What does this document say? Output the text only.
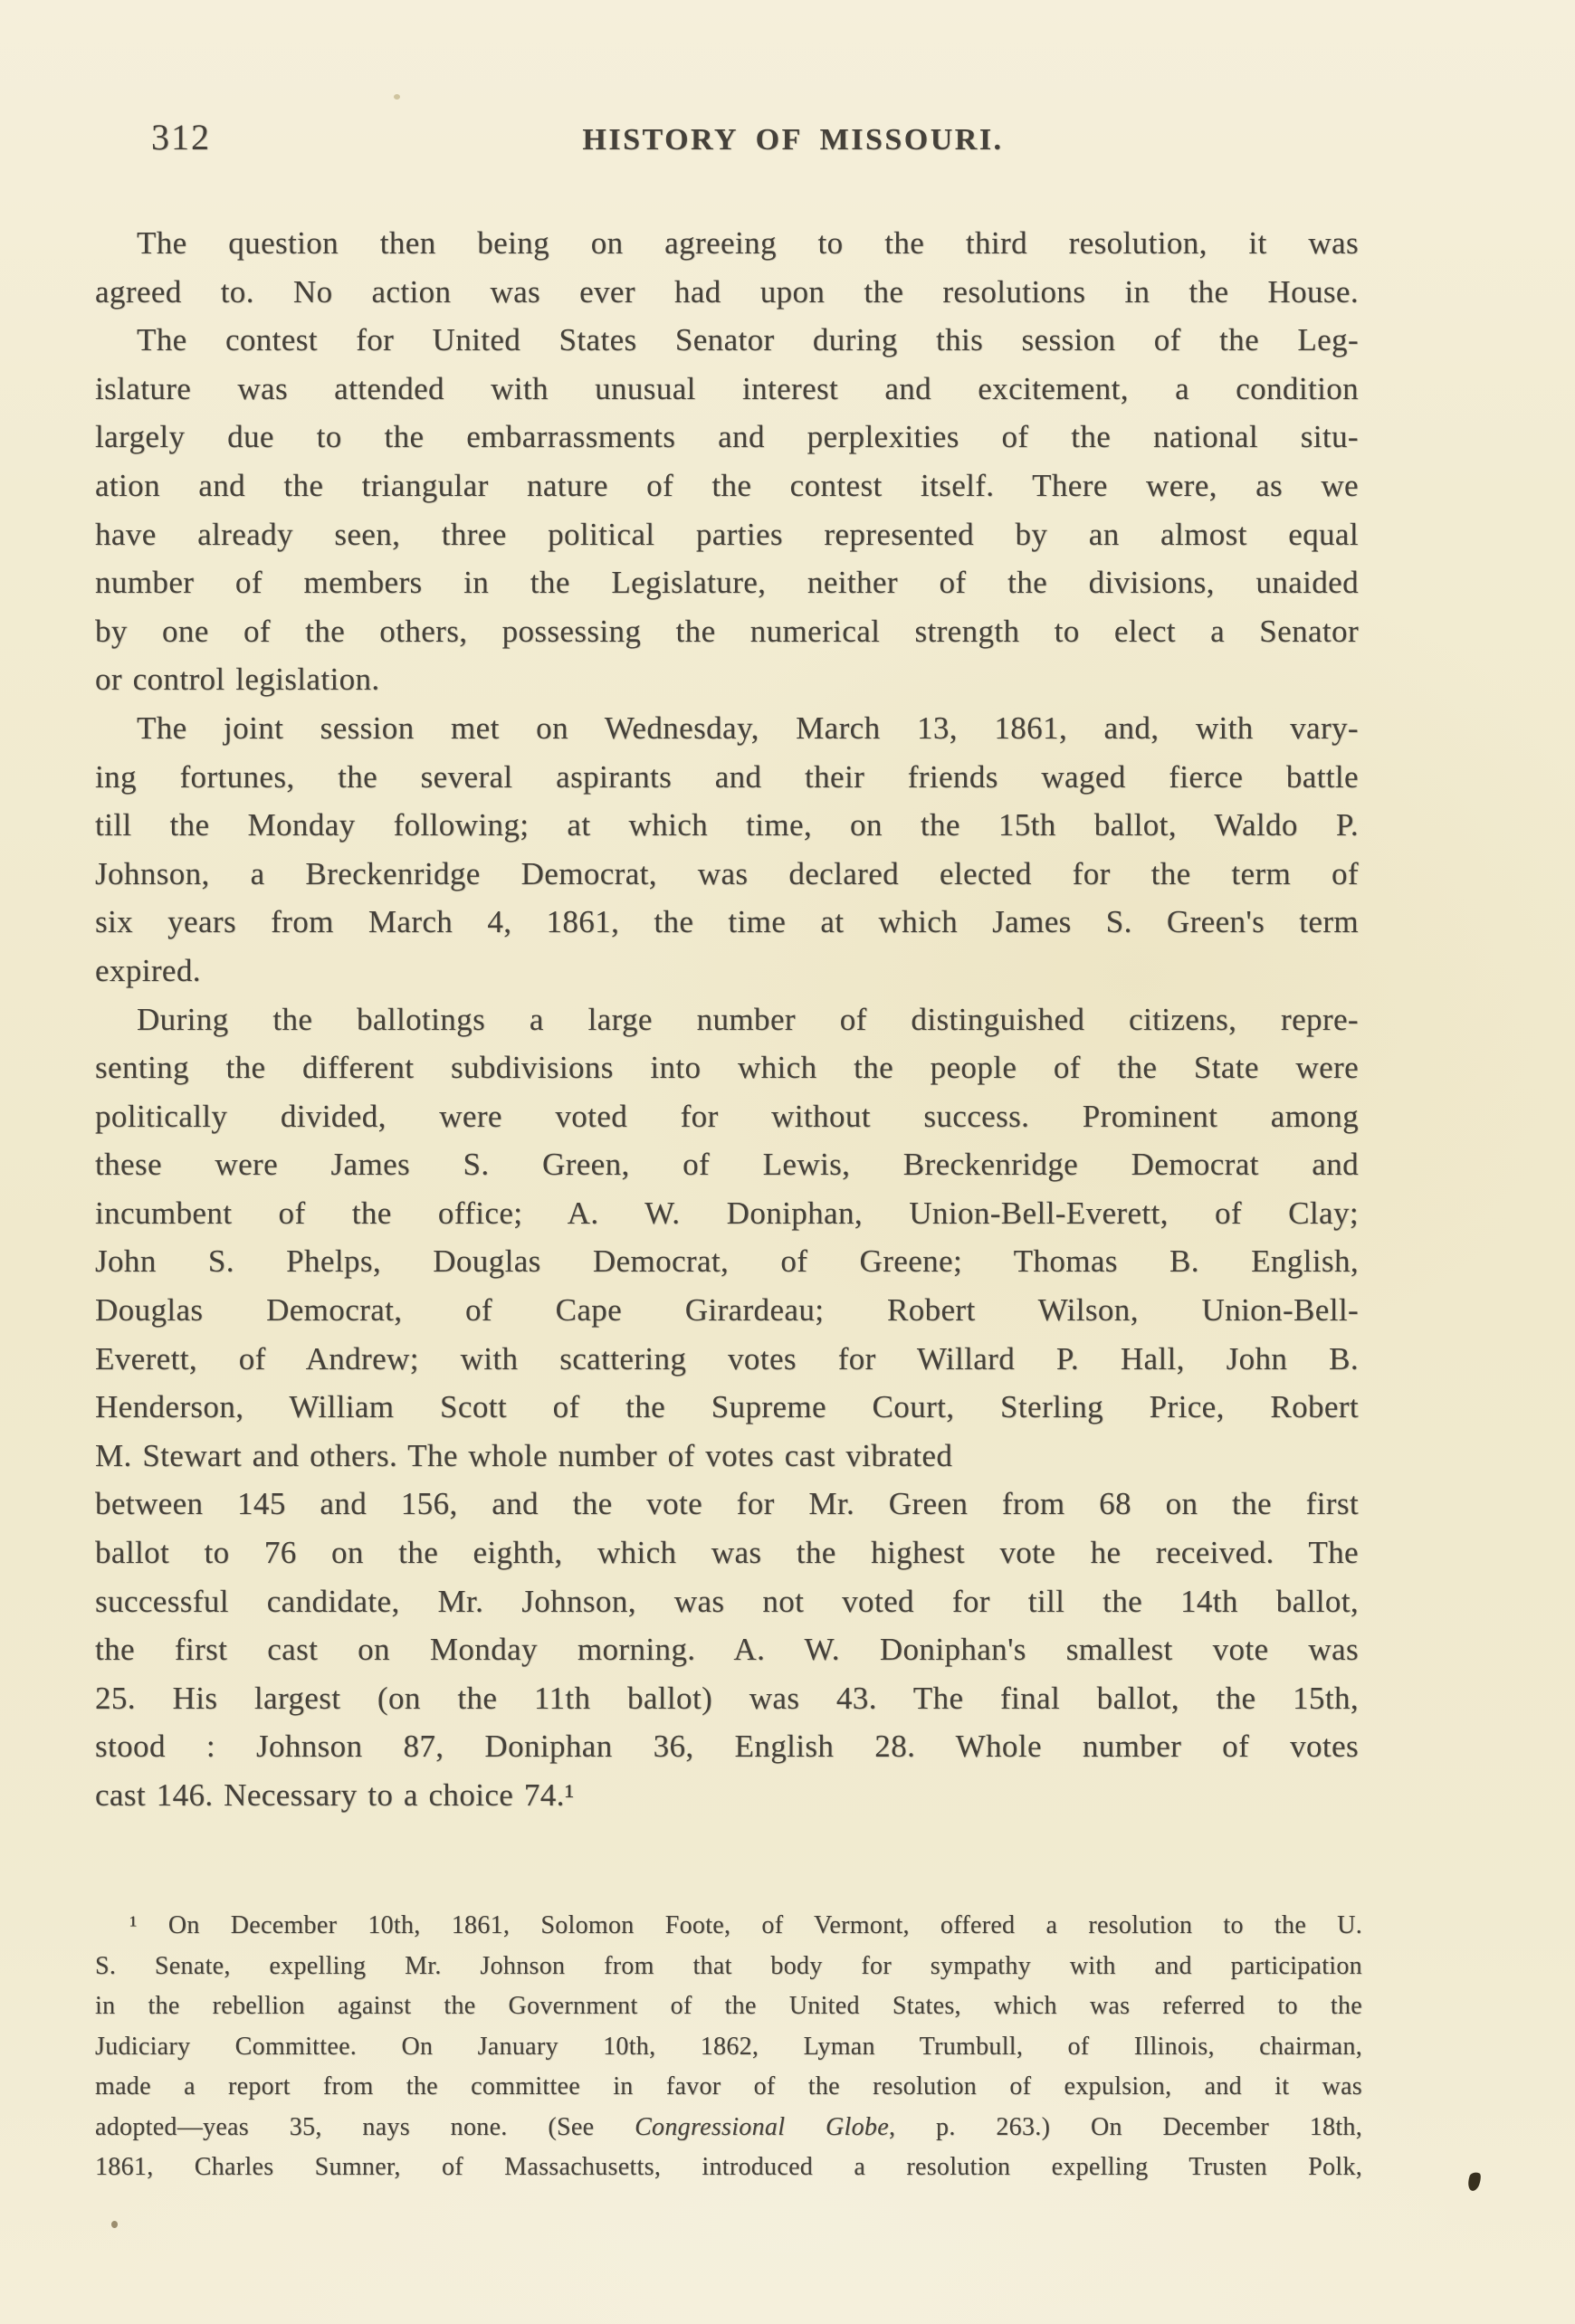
312	HISTORY OF MISSOURI.
The question then being on agreeing to the third resolution, it was
agreed to. No action was ever had upon the resolutions in the House.
The contest for United States Senator during this session of the Leg-
islature was attended with unusual interest and excitement, a condition
largely due to the embarrassments and perplexities of the national situ-
ation and the triangular nature of the contest itself. There were, as we
have already seen, three political parties represented by an almost equal
number of members in the Legislature, neither of the divisions, unaided
by one of the others, possessing the numerical strength to elect a Senator
or control legislation.
The joint session met on Wednesday, March 13, 1861, and, with vary-
ing fortunes, the several aspirants and their friends waged fierce battle
till the Monday following; at which time, on the 15th ballot, Waldo P.
Johnson, a Breckenridge Democrat, was declared elected for the term of
six years from March 4, 1861, the time at which James S. Green's term
expired.
During the ballotings a large number of distinguished citizens, repre-
senting the different subdivisions into which the people of the State were
politically divided, were voted for without success. Prominent among
these were James S. Green, of Lewis, Breckenridge Democrat and
incumbent of the office; A. W. Doniphan, Union-Bell-Everett, of Clay;
John S. Phelps, Douglas Democrat, of Greene; Thomas B. English,
Douglas Democrat, of Cape Girardeau; Robert Wilson, Union-Bell-
Everett, of Andrew; with scattering votes for Willard P. Hall, John B.
Henderson, William Scott of the Supreme Court, Sterling Price, Robert
M. Stewart and others. The whole number of votes cast vibrated
between 145 and 156, and the vote for Mr. Green from 68 on the first
ballot to 76 on the eighth, which was the highest vote he received. The
successful candidate, Mr. Johnson, was not voted for till the 14th ballot,
the first cast on Monday morning. A. W. Doniphan's smallest vote was
25. His largest (on the 11th ballot) was 43. The final ballot, the 15th,
stood : Johnson 87, Doniphan 36, English 28. Whole number of votes
cast 146. Necessary to a choice 74.¹
¹ On December 10th, 1861, Solomon Foote, of Vermont, offered a resolution to the U.
S. Senate, expelling Mr. Johnson from that body for sympathy with and participation
in the rebellion against the Government of the United States, which was referred to the
Judiciary Committee. On January 10th, 1862, Lyman Trumbull, of Illinois, chairman,
made a report from the committee in favor of the resolution of expulsion, and it was
adopted—yeas 35, nays none. (See Congressional Globe, p. 263.) On December 18th,
1861, Charles Sumner, of Massachusetts, introduced a resolution expelling Trusten Polk,
